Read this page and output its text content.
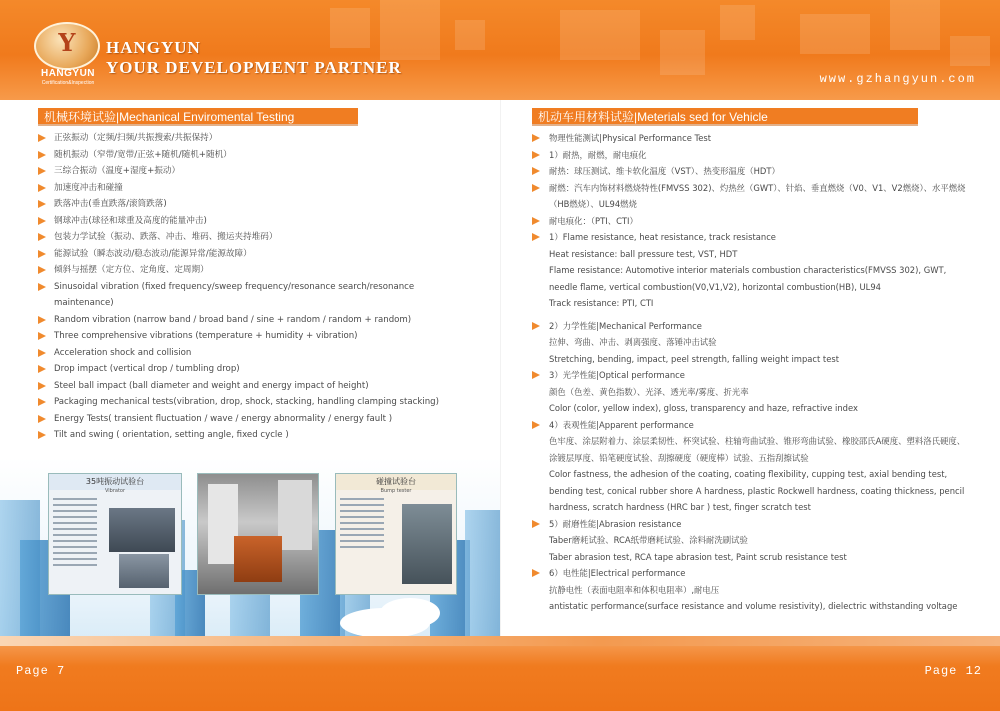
Y
HANGYUN
Certification&Inspection
HANGYUN
YOUR DEVELOPMENT PARTNER
www.gzhangyun.com
机械环境试验|Mechanical Enviromental Testing
正弦振动（定频/扫频/共振搜索/共振保持）
随机振动（窄带/宽带/正弦+随机/随机+随机）
三综合振动（温度+湿度+振动）
加速度冲击和碰撞
跌落冲击(垂直跌落/滚筒跌落)
钢球冲击(球径和球重及高度的能量冲击)
包装力学试验（振动、跌落、冲击、堆码、搬运夹持堆码）
能源试验（瞬态波动/稳态波动/能源异常/能源故障）
倾斜与摇摆（定方位、定角度、定周期）
Sinusoidal vibration (fixed frequency/sweep frequency/resonance search/resonance maintenance)
Random vibration (narrow band / broad band / sine + random / random + random)
Three comprehensive vibrations (temperature + humidity + vibration)
Acceleration shock and collision
Drop impact (vertical drop / tumbling drop)
Steel ball impact (ball diameter and weight and energy impact of height)
Packaging mechanical tests(vibration, drop, shock, stacking, handling clamping stacking)
Energy Tests( transient fluctuation / wave / energy abnormality / energy fault )
Tilt and swing ( orientation, setting angle, fixed cycle )
35吨振动试验台
Vibrator
碰撞试验台
Bump tester
机动车用材料试验|Meterials sed for Vehicle
物理性能测试|Physical Performance Test
1）耐热，耐燃，耐电痕化
耐热：球压测试、维卡软化温度（VST）、热变形温度（HDT）
耐燃：汽车内饰材料燃烧特性(FMVSS 302)、灼热丝（GWT）、针焰、垂直燃烧（V0、V1、V2燃烧）、水平燃烧（HB燃烧）、UL94燃烧
耐电痕化：（PTI、CTI）
1）Flame resistance, heat resistance, track resistance
Heat resistance: ball pressure test, VST, HDT
Flame resistance: Automotive interior materials combustion characteristics(FMVSS 302), GWT, needle flame, vertical combustion(V0,V1,V2), horizontal combustion(HB), UL94
Track resistance: PTI, CTI
2）力学性能|Mechanical Performance
拉伸、弯曲、冲击、剥离强度、落锤冲击试验
Stretching, bending, impact, peel strength, falling weight impact test
3）光学性能|Optical performance
颜色（色差、黄色指数）、光泽、透光率/雾度、折光率
Color (color, yellow index), gloss, transparency and haze, refractive index
4）表观性能|Apparent performance
色牢度、涂层附着力、涂层柔韧性、杯突试验、柱轴弯曲试验、锥形弯曲试验、橡胶邵氏A硬度、塑料洛氏硬度、涂镀层厚度、铅笔硬度试验、刮擦硬度（硬度棒）试验、五指刮擦试验
Color fastness, the adhesion of the coating, coating flexibility, cupping test, axial bending test, bending test, conical rubber shore A hardness, plastic Rockwell hardness, coating thickness, pencil hardness, scratch hardness (HRC bar ) test, finger scratch test
5）耐磨性能|Abrasion resistance
Taber磨耗试验、RCA纸带磨耗试验、涂料耐洗刷试验
Taber abrasion test, RCA tape abrasion test, Paint scrub resistance test
6）电性能|Electrical performance
抗静电性（表面电阻率和体积电阻率）,耐电压
antistatic performance(surface resistance and volume resistivity), dielectric withstanding voltage
Page 7	Page 12
